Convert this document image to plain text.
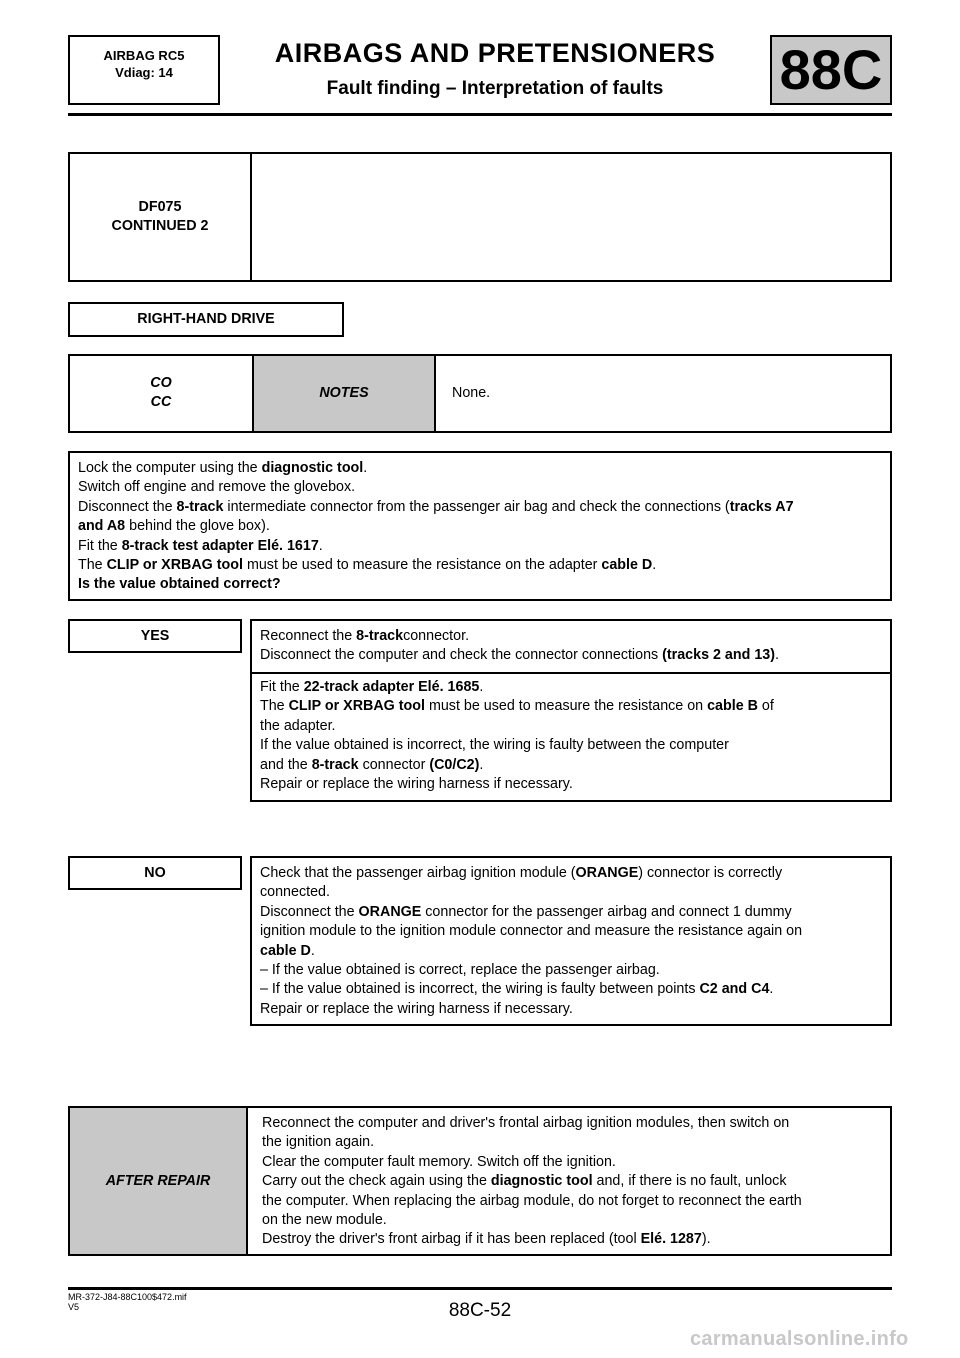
AIRBAG RC5
Vdiag: 14
AIRBAGS AND PRETENSIONERS
Fault finding – Interpretation of faults	88C
DF075
CONTINUED 2
RIGHT-HAND DRIVE
CO
CC
NOTES	None.

Lock the computer using the diagnostic tool.

Switch off engine and remove the glovebox.

Disconnect the 8-track intermediate connector from the passenger air bag and check the connections (tracks A7

and A8 behind the glove box).

Fit the 8-track test adapter Elé. 1617.

The CLIP or XRBAG tool must be used to measure the resistance on the adapter cable D.

Is the value obtained correct?

YES	Reconnect the 8-trackconnector.

Disconnect the computer and check the connector connections (tracks 2 and 13).

Fit the 22-track adapter Elé. 1685.

The CLIP or XRBAG tool must be used to measure the resistance on cable B of

the adapter.

If the value obtained is incorrect, the wiring is faulty between the computer

and the 8-track connector (C0/C2).

Repair or replace the wiring harness if necessary.

NO	Check that the passenger airbag ignition module (ORANGE) connector is correctly

connected.

Disconnect the ORANGE connector for the passenger airbag and connect 1 dummy

ignition module to the ignition module connector and measure the resistance again on

cable D.

– If the value obtained is correct, replace the passenger airbag.

– If the value obtained is incorrect, the wiring is faulty between points C2 and C4.

Repair or replace the wiring harness if necessary.

AFTER REPAIR

Reconnect the computer and driver's frontal airbag ignition modules, then switch on

the ignition again.

Clear the computer fault memory. Switch off the ignition.

Carry out the check again using the diagnostic tool and, if there is no fault, unlock

the computer. When replacing the airbag module, do not forget to reconnect the earth

on the new module.

Destroy the driver's front airbag if it has been replaced (tool Elé. 1287).

MR-372-J84-88C100$472.mif
V5	88C-52
carmanualsonline.info
